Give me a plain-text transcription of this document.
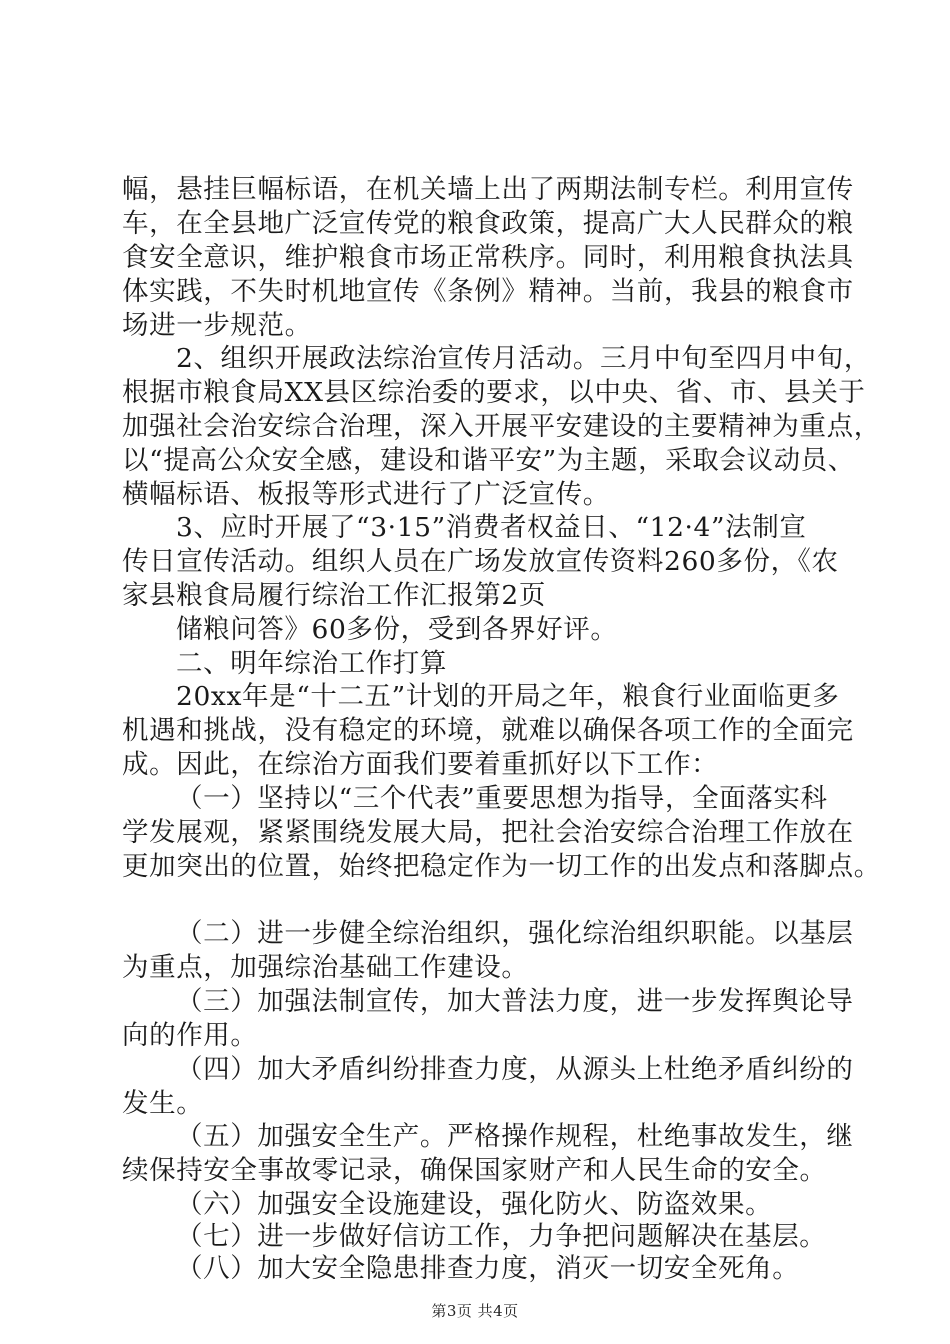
幅，悬挂巨幅标语，在机关墙上出了两期法制专栏。利用宣传
车，在全县地广泛宣传党的粮食政策，提高广大人民群众的粮
食安全意识，维护粮食市场正常秩序。同时，利用粮食执法具
体实践，不失时机地宣传《条例》精神。当前，我县的粮食市
场进一步规范。
2、组织开展政法综治宣传月活动。三月中旬至四月中旬，
根据市粮食局XX县区综治委的要求，以中央、省、市、县关于
加强社会治安综合治理，深入开展平安建设的主要精神为重点，
以“提高公众安全感，建设和谐平安”为主题，采取会议动员、
横幅标语、板报等形式进行了广泛宣传。
3、应时开展了“3·15”消费者权益日、“12·4”法制宣
传日宣传活动。组织人员在广场发放宣传资料260多份，《农
家县粮食局履行综治工作汇报第2页
储粮问答》60多份，受到各界好评。
二、明年综治工作打算
20xx年是“十二五”计划的开局之年，粮食行业面临更多
机遇和挑战，没有稳定的环境，就难以确保各项工作的全面完
成。因此，在综治方面我们要着重抓好以下工作：
（一）坚持以“三个代表”重要思想为指导，全面落实科
学发展观，紧紧围绕发展大局，把社会治安综合治理工作放在
更加突出的位置，始终把稳定作为一切工作的出发点和落脚点。
（二）进一步健全综治组织，强化综治组织职能。以基层
为重点，加强综治基础工作建设。
（三）加强法制宣传，加大普法力度，进一步发挥舆论导
向的作用。
（四）加大矛盾纠纷排查力度，从源头上杜绝矛盾纠纷的
发生。
（五）加强安全生产。严格操作规程，杜绝事故发生，继
续保持安全事故零记录，确保国家财产和人民生命的安全。
（六）加强安全设施建设，强化防火、防盗效果。
（七）进一步做好信访工作，力争把问题解决在基层。
（八）加大安全隐患排查力度，消灭一切安全死角。
第3页 共4页
